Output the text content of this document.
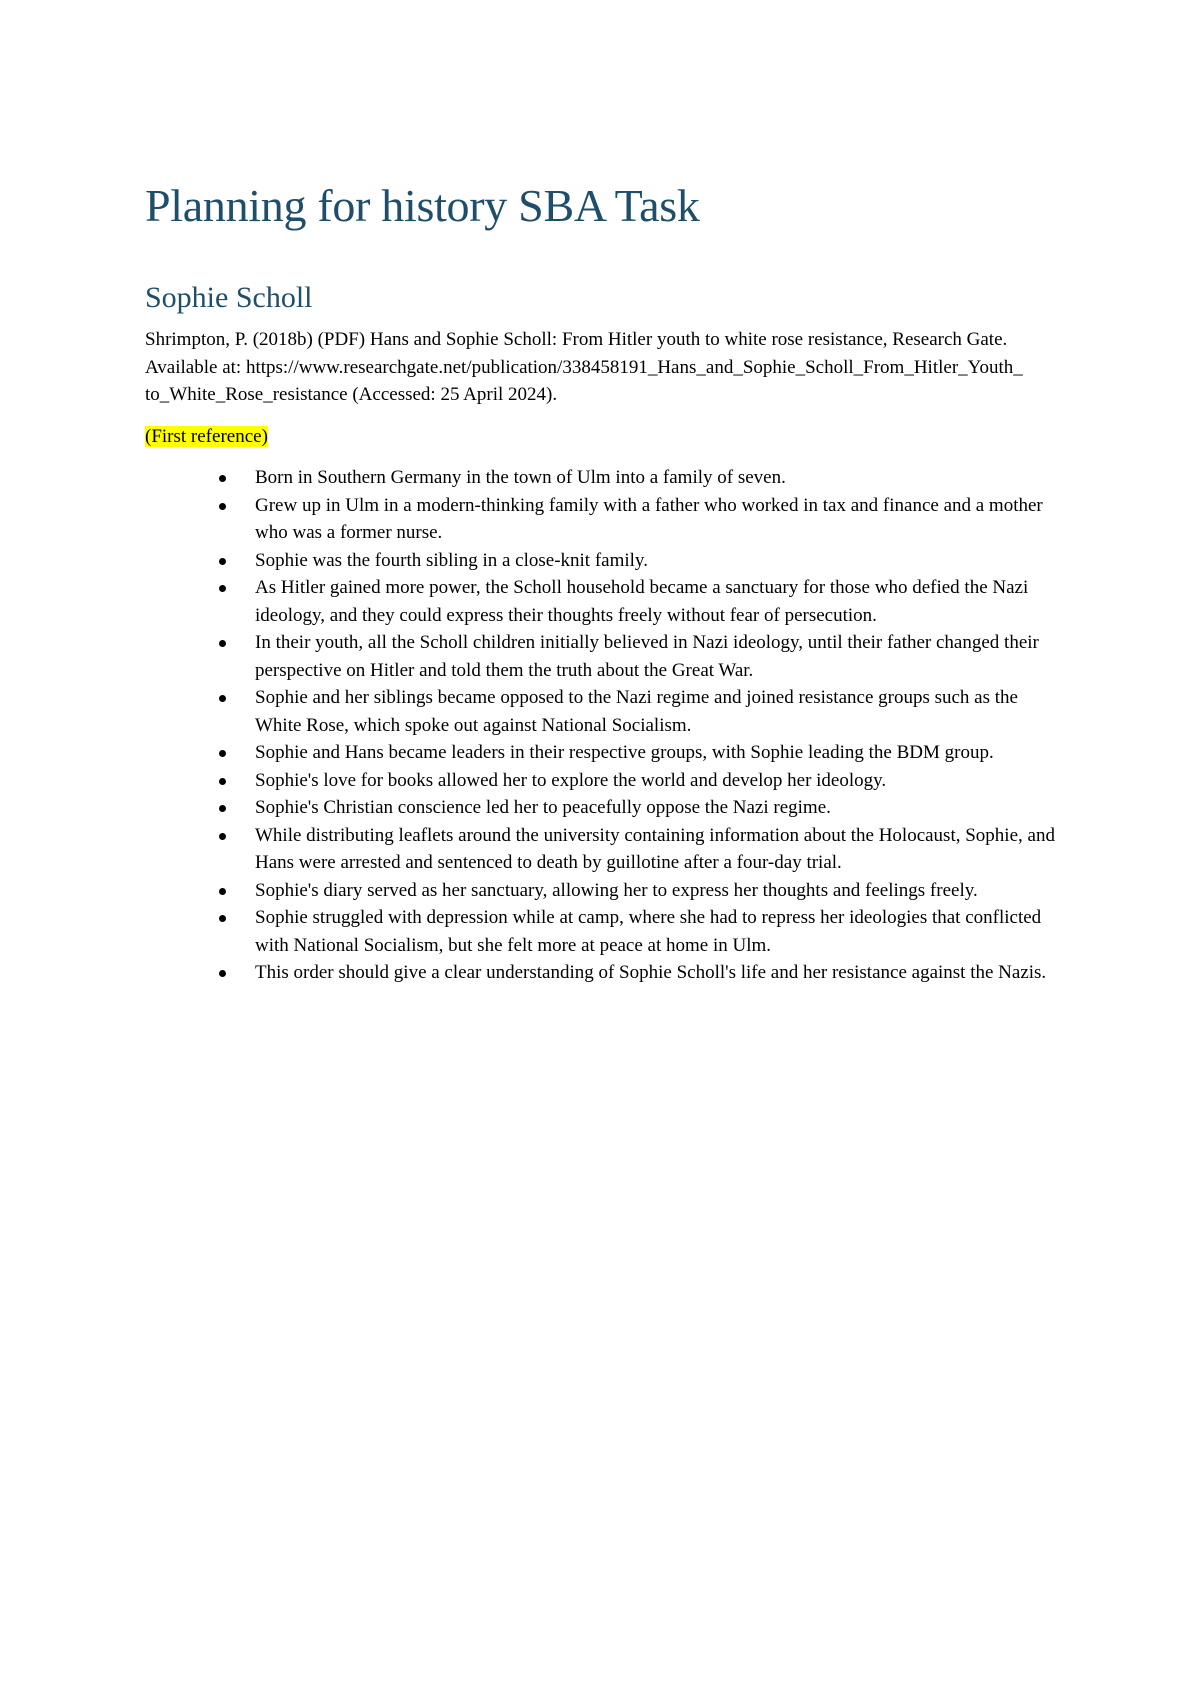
Planning for history SBA Task
Sophie Scholl

Shrimpton, P. (2018b) (PDF) Hans and Sophie Scholl: From Hitler youth to white rose resistance, Research Gate. Available at: https://www.researchgate.net/publication/338458191_Hans_and_Sophie_Scholl_From_Hitler_Youth_ to_White_Rose_resistance (Accessed: 25 April 2024).

(First reference)

Born in Southern Germany in the town of Ulm into a family of seven.
Grew up in Ulm in a modern-thinking family with a father who worked in tax and finance and a mother who was a former nurse.
Sophie was the fourth sibling in a close-knit family.
As Hitler gained more power, the Scholl household became a sanctuary for those who defied the Nazi ideology, and they could express their thoughts freely without fear of persecution.
In their youth, all the Scholl children initially believed in Nazi ideology, until their father changed their perspective on Hitler and told them the truth about the Great War.
Sophie and her siblings became opposed to the Nazi regime and joined resistance groups such as the White Rose, which spoke out against National Socialism.
Sophie and Hans became leaders in their respective groups, with Sophie leading the BDM group.
Sophie's love for books allowed her to explore the world and develop her ideology.
Sophie's Christian conscience led her to peacefully oppose the Nazi regime.
While distributing leaflets around the university containing information about the Holocaust, Sophie, and Hans were arrested and sentenced to death by guillotine after a four-day trial.
Sophie's diary served as her sanctuary, allowing her to express her thoughts and feelings freely.
Sophie struggled with depression while at camp, where she had to repress her ideologies that conflicted with National Socialism, but she felt more at peace at home in Ulm.
This order should give a clear understanding of Sophie Scholl's life and her resistance against the Nazis.
